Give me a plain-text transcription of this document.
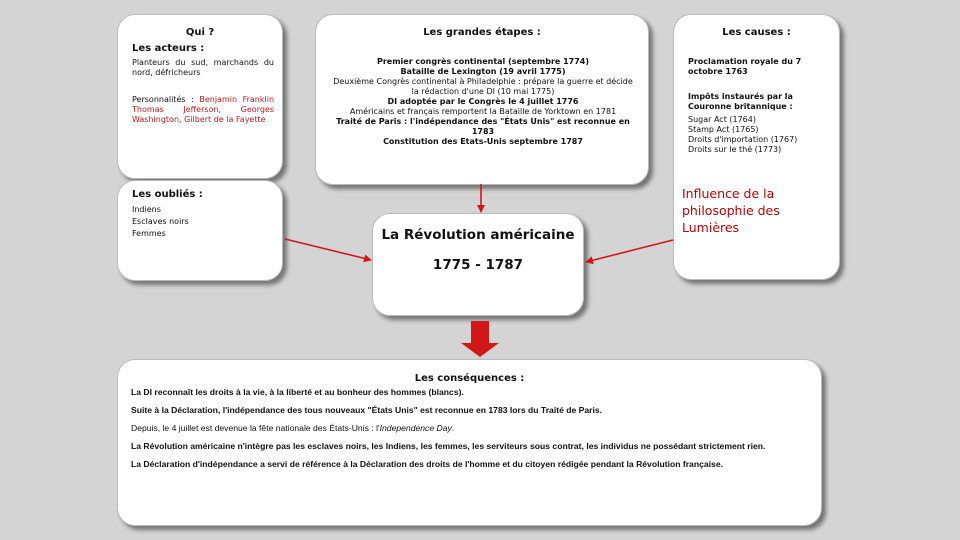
Qui ?
Les acteurs :
Planteurs du sud, marchands du nord, défricheurs
Personnalités : Benjamin Franklin Thomas Jefferson, Georges Washington, Gilbert de la Fayette
Les oubliés :
Indiens
Esclaves noirs
Femmes
Les grandes étapes :
Premier congrès continental (septembre 1774)
Bataille de Lexington (19 avril 1775)
Deuxième Congrès continental à Philadelphie : prépare la guerre et décide la rédaction d'une DI (10 mai 1775)
DI adoptée par le Congrès le 4 juillet 1776
Américains et français remportent la Bataille de Yorktown en 1781
Traité de Paris : l'indépendance des "États Unis" est reconnue en 1783
Constitution des Etats-Unis septembre 1787
Les causes :
Proclamation royale du 7 octobre 1763
Impôts instaurés par la Couronne britannique :
Sugar Act (1764)
Stamp Act (1765)
Droits d'importation (1767)
Droits sur le thé (1773)
Influence de la philosophie des Lumières
La Révolution américaine
1775 - 1787
Les conséquences :

La DI reconnaît les droits à la vie, à la liberté et au bonheur des hommes (blancs).

Suite à la Déclaration, l'indépendance des tous nouveaux "États Unis" est reconnue en 1783 lors du Traité de Paris.

Depuis, le 4 juillet est devenue la fête nationale des États-Unis : l'Independence Day.

La Révolution américaine n'intègre pas les esclaves noirs, les Indiens, les femmes, les serviteurs sous contrat, les individus ne possédant strictement rien.

La Déclaration d'indépendance a servi de référence à la Déclaration des droits de l'homme et du citoyen rédigée pendant la Révolution française.
